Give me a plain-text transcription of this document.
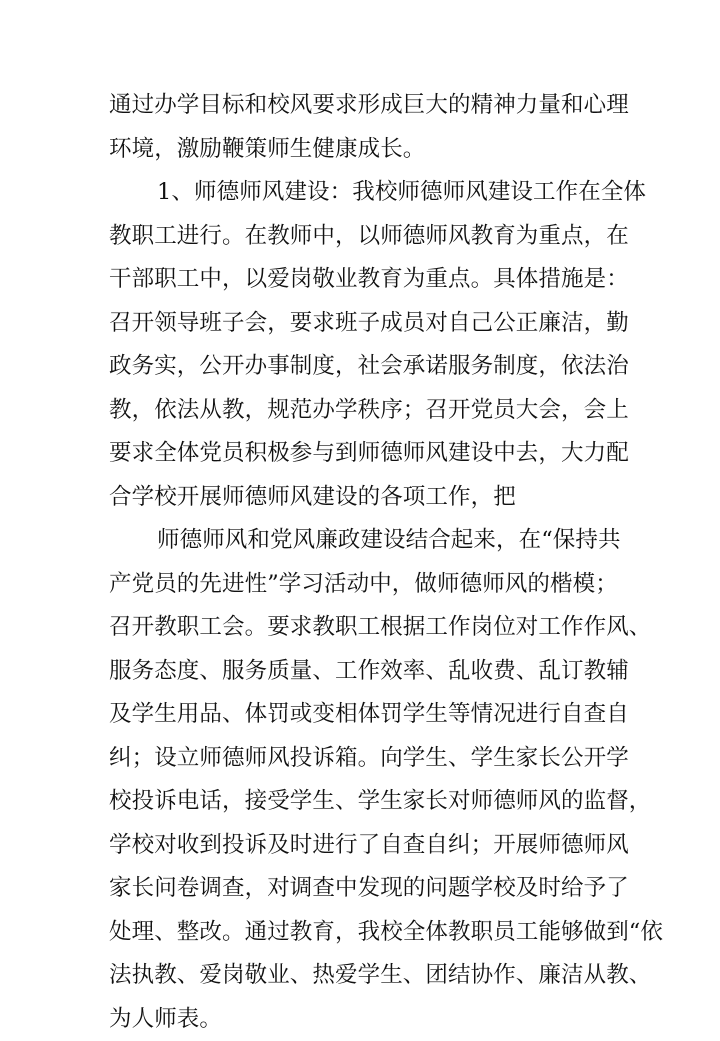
通过办学目标和校风要求形成巨大的精神力量和心理
环境，激励鞭策师生健康成长。
1、师德师风建设：我校师德师风建设工作在全体
教职工进行。在教师中，以师德师风教育为重点，在
干部职工中，以爱岗敬业教育为重点。具体措施是：
召开领导班子会，要求班子成员对自己公正廉洁，勤
政务实，公开办事制度，社会承诺服务制度，依法治
教，依法从教，规范办学秩序；召开党员大会，会上
要求全体党员积极参与到师德师风建设中去，大力配
合学校开展师德师风建设的各项工作，把
师德师风和党风廉政建设结合起来，在“保持共
产党员的先进性”学习活动中，做师德师风的楷模；
召开教职工会。要求教职工根据工作岗位对工作作风、
服务态度、服务质量、工作效率、乱收费、乱订教辅
及学生用品、体罚或变相体罚学生等情况进行自查自
纠；设立师德师风投诉箱。向学生、学生家长公开学
校投诉电话，接受学生、学生家长对师德师风的监督，
学校对收到投诉及时进行了自查自纠；开展师德师风
家长问卷调查，对调查中发现的问题学校及时给予了
处理、整改。通过教育，我校全体教职员工能够做到“依
法执教、爱岗敬业、热爱学生、团结协作、廉洁从教、
为人师表。
